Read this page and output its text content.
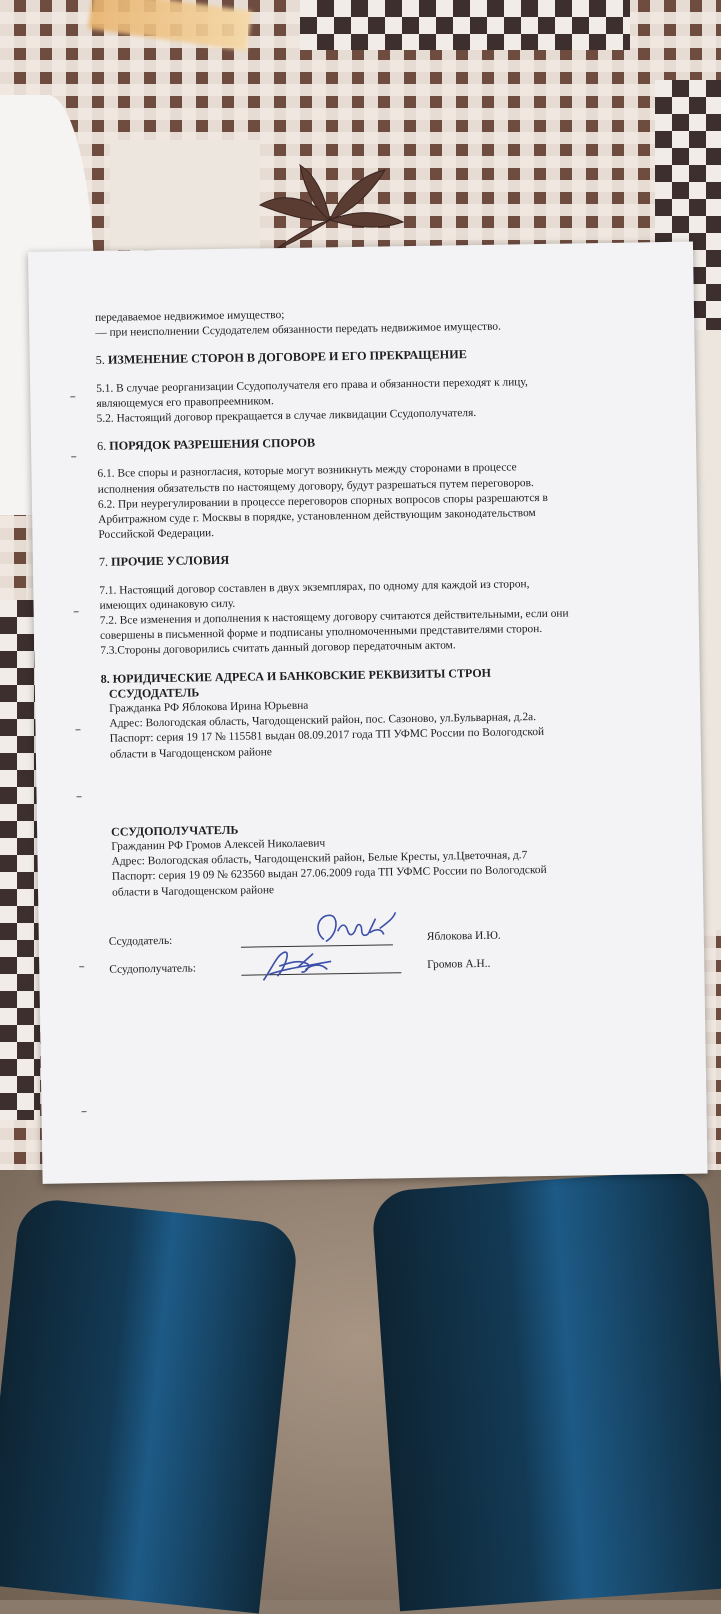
передаваемое недвижимое имущество;

— при неисполнении Ссудодателем обязанности передать недвижимое имущество.

5. ИЗМЕНЕНИЕ СТОРОН В ДОГОВОРЕ И ЕГО ПРЕКРАЩЕНИЕ

5.1. В случае реорганизации Ссудополучателя его права и обязанности переходят к лицу,

являющемуся его правопреемником.

5.2. Настоящий договор прекращается в случае ликвидации Ссудополучателя.

6. ПОРЯДОК РАЗРЕШЕНИЯ СПОРОВ

6.1. Все споры и разногласия, которые могут возникнуть между сторонами в процессе

исполнения обязательств по настоящему договору, будут разрешаться путем переговоров.

6.2. При неурегулировании в процессе переговоров спорных вопросов споры разрешаются в

Арбитражном суде г. Москвы в порядке, установленном действующим законодательством

Российской Федерации.

7. ПРОЧИЕ УСЛОВИЯ

7.1. Настоящий договор составлен в двух экземплярах, по одному для каждой из сторон,

имеющих одинаковую силу.

7.2. Все изменения и дополнения к настоящему договору считаются действительными, если они

совершены в письменной форме и подписаны уполномоченными представителями сторон.

7.3.Стороны договорились считать данный договор передаточным актом.

8. ЮРИДИЧЕСКИЕ АДРЕСА И БАНКОВСКИЕ РЕКВИЗИТЫ СТРОН

ССУДОДАТЕЛЬ

Гражданка РФ Яблокова Ирина Юрьевна

Адрес: Вологодская область, Чагодощенский район, пос. Сазоново, ул.Бульварная, д.2а.

Паспорт: серия 19 17 № 115581 выдан 08.09.2017 года ТП УФМС России по Вологодской

области в Чагодощенском районе

ССУДОПОЛУЧАТЕЛЬ

Гражданин РФ Громов Алексей Николаевич

Адрес: Вологодская область, Чагодощенский район, Белые Кресты, ул.Цветочная, д.7

Паспорт: серия 19 09 № 623560 выдан 27.06.2009 года ТП УФМС России по Вологодской

области в Чагодощенском районе

Ссудодатель:	Яблокова И.Ю.
Ссудополучатель:	Громов А.Н..
